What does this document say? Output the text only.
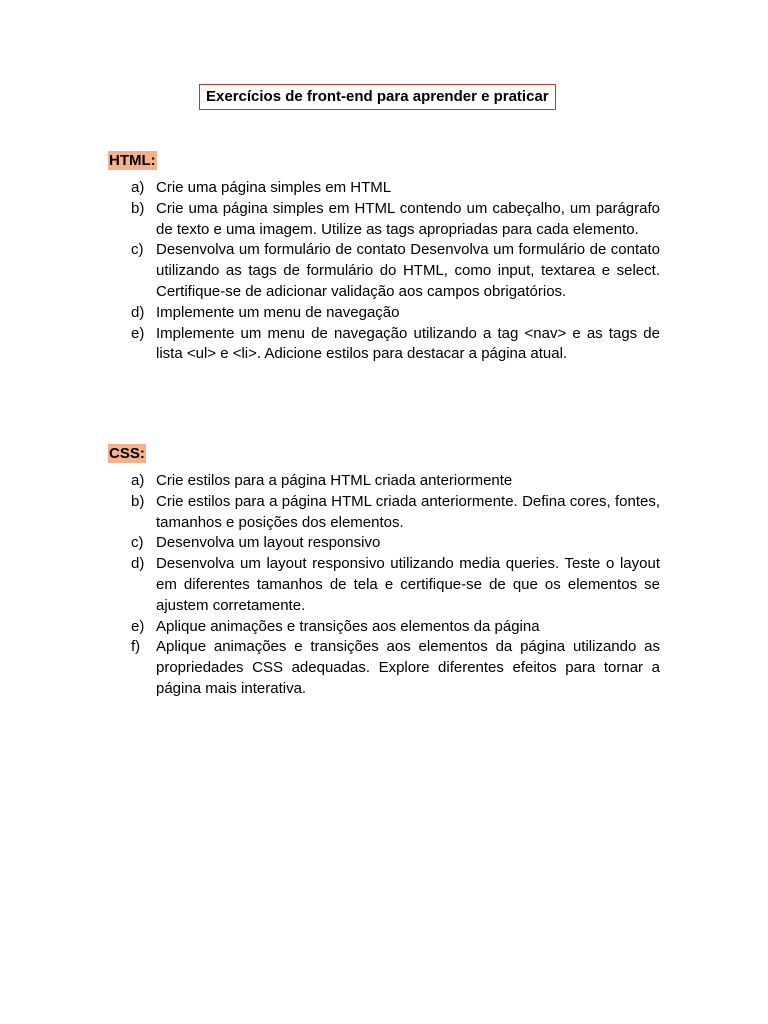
Exercícios de front-end para aprender e praticar
HTML:
a) Crie uma página simples em HTML
b) Crie uma página simples em HTML contendo um cabeçalho, um parágrafo de texto e uma imagem. Utilize as tags apropriadas para cada elemento.
c) Desenvolva um formulário de contato Desenvolva um formulário de contato utilizando as tags de formulário do HTML, como input, textarea e select. Certifique-se de adicionar validação aos campos obrigatórios.
d) Implemente um menu de navegação
e) Implemente um menu de navegação utilizando a tag <nav> e as tags de lista <ul> e <li>. Adicione estilos para destacar a página atual.
CSS:
a) Crie estilos para a página HTML criada anteriormente
b) Crie estilos para a página HTML criada anteriormente. Defina cores, fontes, tamanhos e posições dos elementos.
c) Desenvolva um layout responsivo
d) Desenvolva um layout responsivo utilizando media queries. Teste o layout em diferentes tamanhos de tela e certifique-se de que os elementos se ajustem corretamente.
e) Aplique animações e transições aos elementos da página
f)	Aplique animações e transições aos elementos da página utilizando as propriedades CSS adequadas. Explore diferentes efeitos para tornar a página mais interativa.
